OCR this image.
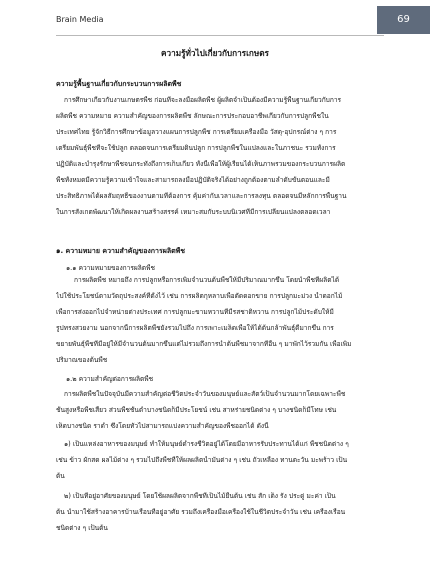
Brain Media	69
ความรู้ทั่วไปเกี่ยวกับการเกษตร
ความรู้พื้นฐานเกี่ยวกับกระบวนการผลิตพืช
การศึกษาเกี่ยวกับงานเกษตรพืช ก่อนที่จะลงมือผลิตพืช ผู้ผลิตจำเป็นต้องมีความรู้พื้นฐานเกี่ยวกับการ
ผลิตพืช ความหมาย ความสำคัญของการผลิตพืช ลักษณะการประกอบอาชีพเกี่ยวกับการปลูกพืชใน
ประเทศไทย รู้จักวิธีการศึกษาข้อมูลวางแผนการปลูกพืช การเตรียมเครื่องมือ วัสดุ-อุปกรณ์ต่าง ๆ การ
เตรียมพันธุ์พืชที่จะใช้ปลูก ตลอดจนการเตรียมดินปลูก การปลูกพืชในแปลงและในภาชนะ รวมทั้งการ
ปฏิบัติและบำรุงรักษาพืชจนกระทั่งถึงการเก็บเกี่ยว ทั้งนี้เพื่อให้ผู้เรียนได้เห็นภาพรวมของกระบวนการผลิต
พืชทั้งหมดมีความรู้ความเข้าใจและสามารถลงมือปฏิบัติจริงได้อย่างถูกต้องตามลำดับขั้นตอนและมี
ประสิทธิภาพได้ผลสัมฤทธิ์ของงานตามที่ต้องการ คุ้มค่ากับเวลาและการลงทุน ตลอดจนมีหลักการพื้นฐาน
ในการสังเกตพัฒนาให้เกิดผลงานสร้างสรรค์ เหมาะสมกับระบบนิเวศที่มีการเปลี่ยนแปลงตลอดเวลา
๑. ความหมาย ความสำคัญของการผลิตพืช
๑.๑ ความหมายของการผลิตพืช
การผลิตพืช หมายถึง การปลูกหรือการเพิ่มจำนวนต้นพืชให้มีปริมาณมากขึ้น โดยนำพืชที่ผลิตได้
ไปใช้ประโยชน์ตามวัตถุประสงค์ที่ตั้งไว้ เช่น การผลิตกุหลาบเพื่อตัดดอกขาย การปลูกมะม่วง น้ำดอกไม้
เพื่อการส่งออกไปจำหน่ายต่างประเทศ การปลูกมะขามหวานที่มีรสชาติหวาน การปลูกไม้ประดับให้มี
รูปทรงสวยงาม นอกจากนี้การผลิตพืชยังรวมไปถึง การเพาะเมล็ดเพื่อให้ได้ต้นกล้าพันธุ์ดีมากขึ้น การ
ขยายพันธุ์พืชที่มีอยู่ให้มีจำนวนต้นมากขึ้นแต่ไม่รวมถึงการนำต้นพืชมาจากที่อื่น ๆ มาพักไว้รวมกัน เพื่อเพิ่ม
ปริมาณของต้นพืช
๑.๒ ความสำคัญต่อการผลิตพืช
การผลิตพืชในปัจจุบันมีความสำคัญต่อชีวิตประจำวันของมนุษย์และสัตว์เป็นจำนวนมากโดยเฉพาะพืช
ชั้นสูงหรือพืชเสี้ยว ส่วนพืชชั้นต่ำบางชนิดก็มีประโยชน์ เช่น สาหร่ายชนิดต่าง ๆ บางชนิดก็มีโทษ เช่น
เห็ดบางชนิด ราดำ ซึ่งโดยทั่วไปสามารถแบ่งความสำคัญของพืชออกได้ ดังนี้
๑) เป็นแหล่งอาหารของมนุษย์ ทำให้มนุษย์ดำรงชีวิตอยู่ได้โดยมีอาหารรับประทานได้แก่ พืชชนิดต่าง ๆ
เช่น ข้าว ผักสด ผลไม้ต่าง ๆ รวมไปถึงพืชที่ให้ผลผลิตน้ำมันต่าง ๆ เช่น ถั่วเหลือง ทานตะวัน มะพร้าว เป็น
ต้น
๒) เป็นที่อยู่อาศัยของมนุษย์ โดยใช้ผลผลิตจากพืชที่เป็นไม้ยืนต้น เช่น สัก เต็ง รัง ประดู่ มะค่า เป็น
ต้น นำมาใช้สร้างอาคารบ้านเรือนที่อยู่อาศัย รวมถึงเครื่องมือเครื่องใช้ในชีวิตประจำวัน เช่น เครื่องเรือน
ชนิดต่าง ๆ เป็นต้น
